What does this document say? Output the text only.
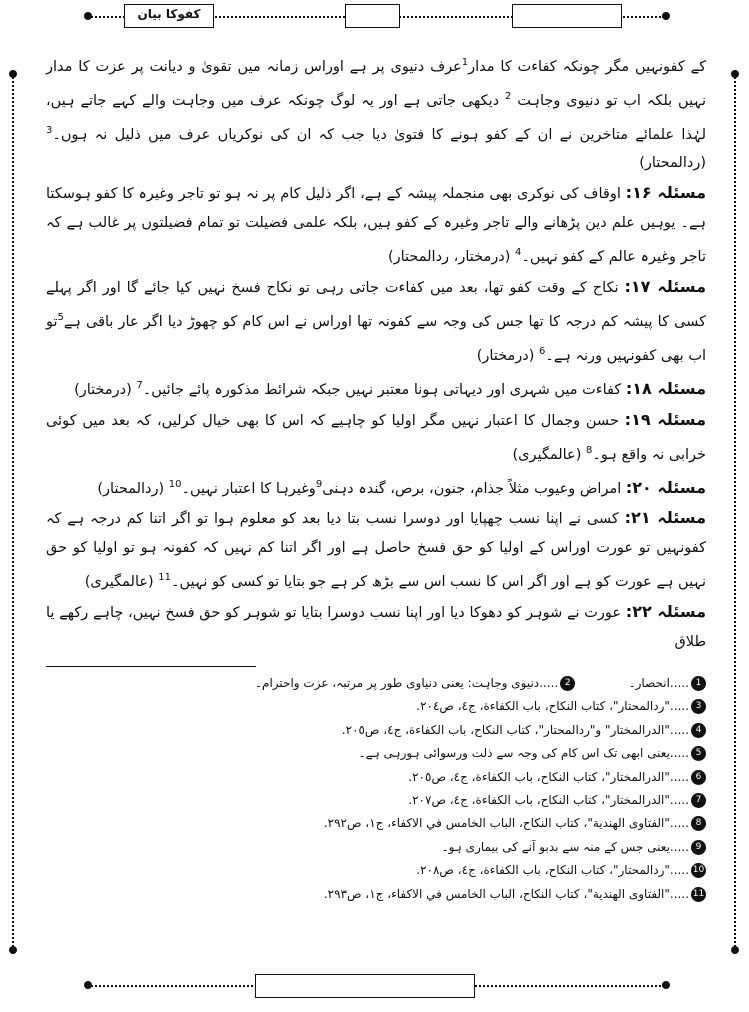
كفوكا بيان

کے کفونہیں مگر چونکہ کفاءت کا مدار$^1$عرف دنیوی پر ہے اوراس زمانہ میں تقویٰ و دیانت پر عزت کا مدار نہیں بلکہ اب تو دنیوی وجاہت $^2$ دیکھی جاتی ہے اور یہ لوگ چونکہ عرف میں وجاہت والے کہے جاتے ہیں، لہٰذا علمائے متاخرین نے ان کے کفو ہونے کا فتویٰ دیا جب کہ ان کی نوکریاں عرف میں ذلیل نہ ہوں۔$^3$ (ردالمحتار)

مسئلہ ۱۶: اوقاف کی نوکری بھی منجملہ پیشہ کے ہے، اگر ذلیل کام پر نہ ہو تو تاجر وغیرہ کا کفو ہوسکتا ہے۔ یوہیں علم دین پڑھانے والے تاجر وغیرہ کے کفو ہیں، بلکہ علمی فضیلت تو تمام فضیلتوں پر غالب ہے کہ تاجر وغیرہ عالم کے کفو نہیں۔$^4$ (درمختار، ردالمحتار)

مسئلہ ۱۷: نکاح کے وقت کفو تھا، بعد میں کفاءت جاتی رہی تو نکاح فسخ نہیں کیا جائے گا اور اگر پہلے کسی کا پیشہ کم درجہ کا تھا جس کی وجہ سے کفونہ تھا اوراس نے اس کام کو چھوڑ دیا اگر عار باقی ہے$^5$تو اب بھی کفونہیں ورنہ ہے۔$^6$ (درمختار)

مسئلہ ۱۸: کفاءت میں شہری اور دیہاتی ہونا معتبر نہیں جبکہ شرائط مذکورہ پائے جائیں۔$^7$ (درمختار)

مسئلہ ۱۹: حسن وجمال کا اعتبار نہیں مگر اولیا کو چاہیے کہ اس کا بھی خیال کرلیں، کہ بعد میں کوئی خرابی نہ واقع ہو۔$^8$ (عالمگیری)

مسئلہ ۲۰: امراض وعیوب مثلاً جذام، جنون، برص، گندہ دہنی$^9$وغیرہا کا اعتبار نہیں۔$^{10}$ (ردالمحتار)

مسئلہ ۲۱: کسی نے اپنا نسب چھپایا اور دوسرا نسب بتا دیا بعد کو معلوم ہوا تو اگر اتنا کم درجہ ہے کہ کفونہیں تو عورت اوراس کے اولیا کو حق فسخ حاصل ہے اور اگر اتنا کم نہیں کہ کفونہ ہو تو اولیا کو حق نہیں ہے عورت کو ہے اور اگر اس کا نسب اس سے بڑھ کر ہے جو بتایا تو کسی کو نہیں۔$^{11}$ (عالمگیری)

مسئلہ ۲۲: عورت نے شوہر کو دھوکا دیا اور اپنا نسب دوسرا بتایا تو شوہر کو حق فسخ نہیں، چاہے رکھے یا طلاق

1.....انحصار۔              2.....دنیوی وجاہت: یعنی دنیاوی طور پر مرتبہ، عزت واحترام۔
3....."ردالمحتار"، كتاب النكاح، باب الكفاءة، ج٤، ص٢٠٤.
4....."الدرالمختار" و"ردالمحتار"، كتاب النكاح، باب الكفاءة، ج٤، ص٢٠٥.
5.....یعنی ابھی تک اس کام کی وجہ سے ذلت ورسوائی ہورہی ہے۔
6....."الدرالمختار"، كتاب النكاح، باب الكفاءة، ج٤، ص٢٠٥.
7....."الدرالمختار"، كتاب النكاح، باب الكفاءة، ج٤، ص٢٠٧.
8....."الفتاوى الهندية"، كتاب النكاح، الباب الخامس في الاكفاء، ج١، ص٢٩٢.
9.....یعنی جس کے منہ سے بدبو آنے کی بیماری ہو۔
10....."ردالمحتار"، كتاب النكاح، باب الكفاءة، ج٤، ص٢٠٨.
11....."الفتاوى الهندية"، كتاب النكاح، الباب الخامس في الاكفاء، ج١، ص٢٩٣.
